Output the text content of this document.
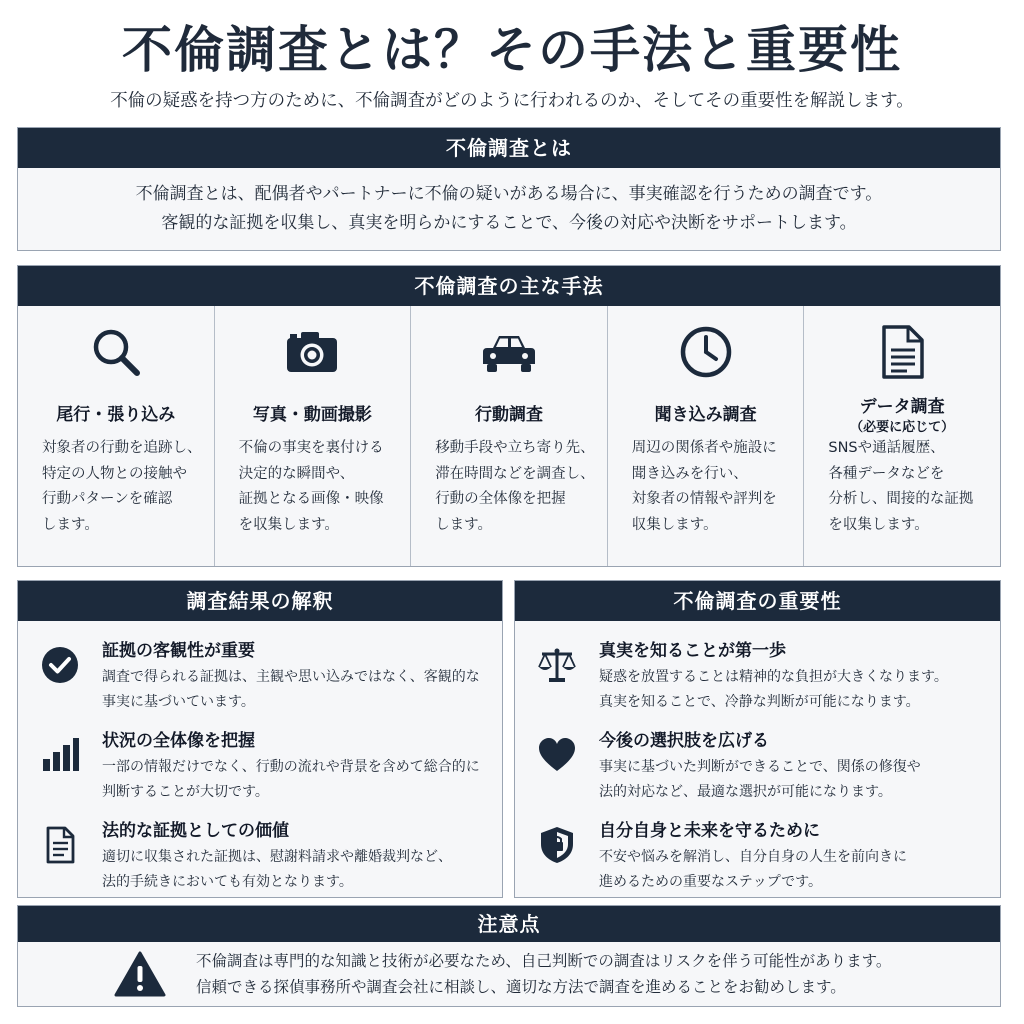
不倫調査とは？その手法と重要性
不倫の疑惑を持つ方のために、不倫調査がどのように行われるのか、そしてその重要性を解説します。
不倫調査とは
不倫調査とは、配偶者やパートナーに不倫の疑いがある場合に、事実確認を行うための調査です。
客観的な証拠を収集し、真実を明らかにすることで、今後の対応や決断をサポートします。
不倫調査の主な手法
尾行・張り込み
対象者の行動を追跡し、
特定の人物との接触や
行動パターンを確認
します。
写真・動画撮影
不倫の事実を裏付ける
決定的な瞬間や、
証拠となる画像・映像
を収集します。
行動調査
移動手段や立ち寄り先、
滞在時間などを調査し、
行動の全体像を把握
します。
聞き込み調査
周辺の関係者や施設に
聞き込みを行い、
対象者の情報や評判を
収集します。
データ調査
（必要に応じて）
SNSや通話履歴、
各種データなどを
分析し、間接的な証拠
を収集します。
調査結果の解釈
証拠の客観性が重要
調査で得られる証拠は、主観や思い込みではなく、客観的な
事実に基づいています。
状況の全体像を把握
一部の情報だけでなく、行動の流れや背景を含めて総合的に
判断することが大切です。
法的な証拠としての価値
適切に収集された証拠は、慰謝料請求や離婚裁判など、
法的手続きにおいても有効となります。
不倫調査の重要性
真実を知ることが第一歩
疑惑を放置することは精神的な負担が大きくなります。
真実を知ることで、冷静な判断が可能になります。
今後の選択肢を広げる
事実に基づいた判断ができることで、関係の修復や
法的対応など、最適な選択が可能になります。
自分自身と未来を守るために
不安や悩みを解消し、自分自身の人生を前向きに
進めるための重要なステップです。
注意点
不倫調査は専門的な知識と技術が必要なため、自己判断での調査はリスクを伴う可能性があります。
信頼できる探偵事務所や調査会社に相談し、適切な方法で調査を進めることをお勧めします。
